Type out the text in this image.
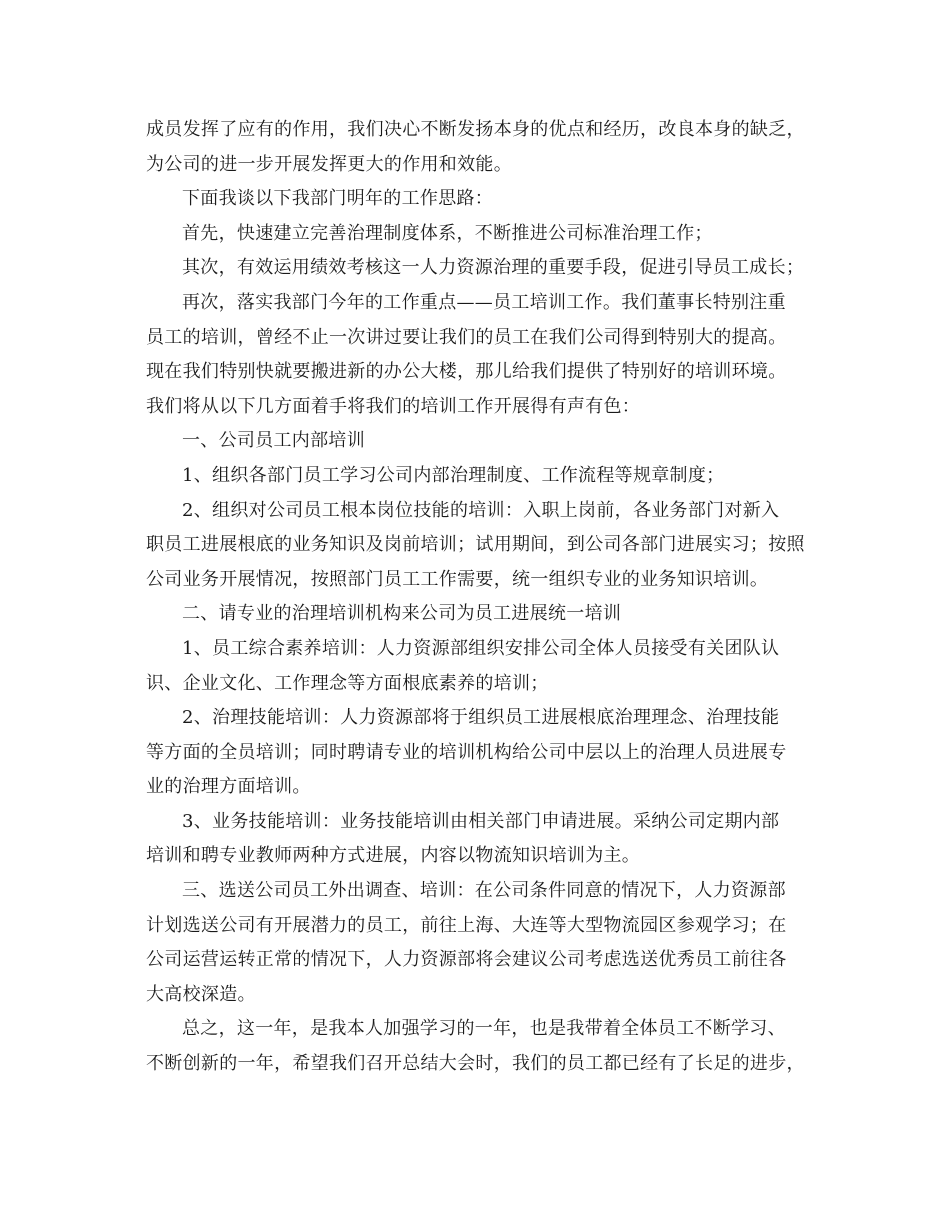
成员发挥了应有的作用，我们决心不断发扬本身的优点和经历，改良本身的缺乏，
为公司的进一步开展发挥更大的作用和效能。
下面我谈以下我部门明年的工作思路：
首先，快速建立完善治理制度体系，不断推进公司标准治理工作；
其次，有效运用绩效考核这一人力资源治理的重要手段，促进引导员工成长；
再次，落实我部门今年的工作重点——员工培训工作。我们董事长特别注重
员工的培训，曾经不止一次讲过要让我们的员工在我们公司得到特别大的提高。
现在我们特别快就要搬进新的办公大楼，那儿给我们提供了特别好的培训环境。
我们将从以下几方面着手将我们的培训工作开展得有声有色：
一、公司员工内部培训
1、组织各部门员工学习公司内部治理制度、工作流程等规章制度；
2、组织对公司员工根本岗位技能的培训：入职上岗前，各业务部门对新入
职员工进展根底的业务知识及岗前培训；试用期间，到公司各部门进展实习；按照
公司业务开展情况，按照部门员工工作需要，统一组织专业的业务知识培训。
二、请专业的治理培训机构来公司为员工进展统一培训
1、员工综合素养培训：人力资源部组织安排公司全体人员接受有关团队认
识、企业文化、工作理念等方面根底素养的培训；
2、治理技能培训：人力资源部将于组织员工进展根底治理理念、治理技能
等方面的全员培训；同时聘请专业的培训机构给公司中层以上的治理人员进展专
业的治理方面培训。
3、业务技能培训：业务技能培训由相关部门申请进展。采纳公司定期内部
培训和聘专业教师两种方式进展，内容以物流知识培训为主。
三、选送公司员工外出调查、培训：在公司条件同意的情况下，人力资源部
计划选送公司有开展潜力的员工，前往上海、大连等大型物流园区参观学习；在
公司运营运转正常的情况下，人力资源部将会建议公司考虑选送优秀员工前往各
大高校深造。
总之，这一年，是我本人加强学习的一年，也是我带着全体员工不断学习、
不断创新的一年，希望我们召开总结大会时，我们的员工都已经有了长足的进步，
